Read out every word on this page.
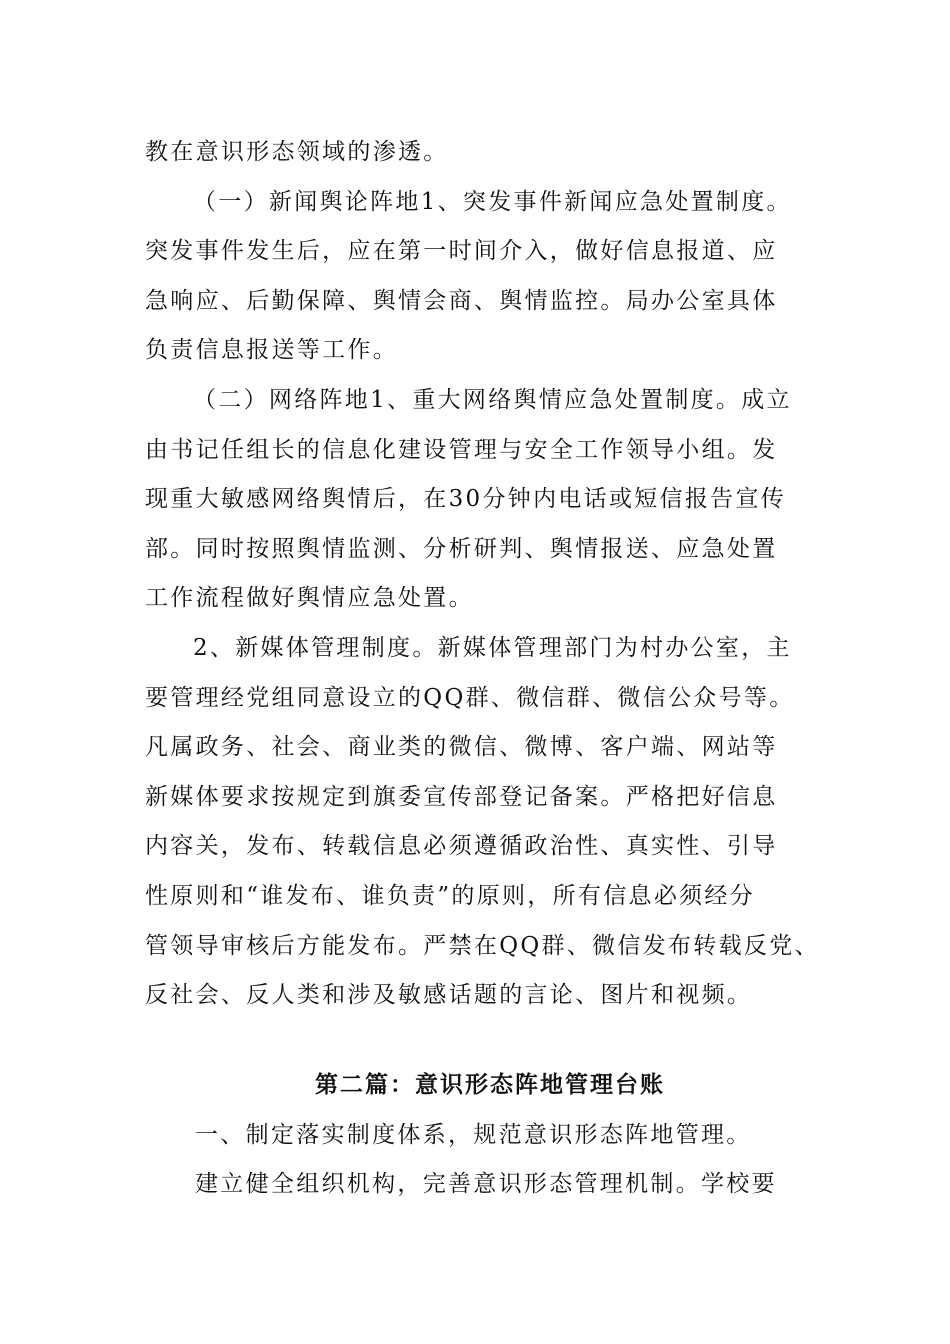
教在意识形态领域的渗透。
（一）新闻舆论阵地1、突发事件新闻应急处置制度。
突发事件发生后，应在第一时间介入，做好信息报道、应
急响应、后勤保障、舆情会商、舆情监控。局办公室具体
负责信息报送等工作。
（二）网络阵地1、重大网络舆情应急处置制度。成立
由书记任组长的信息化建设管理与安全工作领导小组。发
现重大敏感网络舆情后，在30分钟内电话或短信报告宣传
部。同时按照舆情监测、分析研判、舆情报送、应急处置
工作流程做好舆情应急处置。
2、新媒体管理制度。新媒体管理部门为村办公室，主
要管理经党组同意设立的QQ群、微信群、微信公众号等。
凡属政务、社会、商业类的微信、微博、客户端、网站等
新媒体要求按规定到旗委宣传部登记备案。严格把好信息
内容关，发布、转载信息必须遵循政治性、真实性、引导
性原则和“谁发布、谁负责”的原则，所有信息必须经分
管领导审核后方能发布。严禁在QQ群、微信发布转载反党、
反社会、反人类和涉及敏感话题的言论、图片和视频。
第二篇：意识形态阵地管理台账
一、制定落实制度体系，规范意识形态阵地管理。
建立健全组织机构，完善意识形态管理机制。学校要
